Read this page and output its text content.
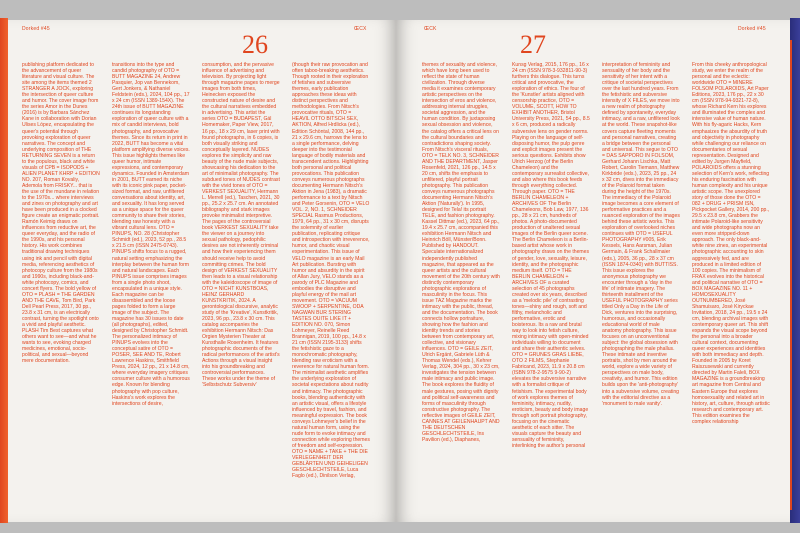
Dorked #45	ŒCX
26
publishing platform dedicated to the advancement of queer literature and visual culture. The site among the items themed 2 STRANGER A JOCK, exploring the intersection of queer culture and humor. The cover image from the series Amor in the Dunes (2016) is by Barbara Sánchez Kane in collaboration with Dorian Ulises López, encapsulating the queer's potential through provoking exploration of queer narratives. The concept and underlying composition of THE RETURNING SEVEN is a return to the populous, black and white visuals of CPB = ISOPODS + ALIEN PLANET KHRP + EDITION NO. 207, Roman Kovaliy, Ademola from FRISKY... that is the use of the mundane in relation to the 1970s... where interviews and zines on photography and art have been produced in a clocked figure create an enigmatic portrait. Ramón Keimig draws on influences from reductive art, the queer everyday, and the radio of the 1990s, and his personal history. His work combines traditional drawing techniques using ink and pencil with digital media, referencing aesthetics of photocopy culture from the 1980s and 1990s, including black-and-white photocopy, comics, and concert flyers. The bold yellow of OTO = PLASH = THE GARDEN AND THE CAVE, Tom Bird, Park Dell Pearl Press, 2017, 30 pp., 23.8 x 31 cm, is an electrically contrast, turning the spotlight onto a vivid and playful aesthetic. PLASH Tim Best captures what others want to see—and what he wants to see, evoking charged medicines, emotional, socio-political, and sexual—beyond mere documentation.
transitions into the type and candid photography of OTO = BUTT MAGAZINE 24, Andrew Pasquier, Jop van Bennekom, Gert Jonkers, & Nathaniel Feldstein (eds.), 2024, 104 pp., 17 x 24 cm (ISSN 1389-154X). The 24th issue of BUTT MAGAZINE continues its longstanding exploration of queer culture with a mix of candid interviews, bold photography, and provocative themes. Since its return in print in 2022, BUTT has become a vital platform amplifying diverse voices. This issue highlights themes like queer humor, intimate expressions, and contemporary dynamics. Founded in Amsterdam in 2001, BUTT earned its niche with its iconic pink paper, pocket-sized format, and raw, unfiltered conversations about identity, art, and sexuality. It has long served as a unique space for the queer community to share their stories, blending raw honesty with a vibrant cultural lens. OTO = PINUPS, NO. 28 (Christopher Schmidt (ed.), 2023, 52 pp., 28.5 x 21.5 cm (ISSN 2475-0743). PINUPS shifts focus to a rugged, natural setting emphasizing the interplay between the human form and natural landscapes. Each PINUPS issue comprises images from a single photo shoot, encapsulated in a unique style. Each magazine can be disassembled and the loose pages folded to form a large image of the subject. The magazine has 30 issues to date (all photographs), edited, designed by Christopher Schmidt. The personalized intimacy of PINUPS evolves into the conceptual satire of OTO = POSER, SEE AND TE, Robert Lawrence Haskins, Smithfield Press, 2024, 12 pp., 21 x 14.8 cm, where everyday imagery critiques consumer culture with a humorous edge. Known for blending photography with pop culture, Haskins's work explores the intersections of desire,
consumption, and the pervasive influence of advertising and television. By projecting light through magazine pages to merge images from both times, Heinecken exposed the constructed nature of desire and the cultural narratives embedded in advertising. This artist the series OTO = BUDAPEST, Gál Homemaker, Paper View, 2017, 16 pp., 18 x 29 cm, laser print with found photographs, in 6 copies, is both visually striking and conceptually layered. NUDES explores the simplicity and raw beauty of the nude male subjects, showcasing his dedication to the art of minimalist photography. The subdued tones of NUDES contrast with the vivid tones of OTO = VERKEST SEXUALITY, Hermann L. Merrell (ed.), Taschen, 2021, 30 pp., 25.2 x 25.7 cm. An annotated bibliography and stark images provoke minimalist interpretive. The pages of the controversial book VERKEST SEXUALITY take the viewer on a journey into sexual pathology, pedophilic desires are not inherently criminal and how their experiencing them should receive help to avoid committing crimes. The bold design of VERKEST SEXUALITY then leads to a visual relationship with the kaleidoscope of image of OTO = NICHT KUNSTBOAS, HEINZ GERHARD KUNSTKRITIK, 2024. A gerontological discursive, analytic study of the 'Kreative', Kunstkritik, 2023, 96 pp., 23.8 x 30 cm. This catalog accompanies the exhibition Hermann Nitsch: Das Orgien Mysterien Theater at Kunsthalle Rosenheim. It features photographic documents of the radical performances of the artist's Actions through a visual insight into his groundbreaking and controversial performances. These works under the theme of 'Selbstschutz Subversiv'
(though their raw provocation and often taboo-breaking aesthetics. Though rooted in their exploration of fetishes and subversive themes, early publication approaches these ideas with distinct perspectives and methodologies. From Nitsch's provocative rituals, OTO = HEAVIL OTTO BITSCH SEX, AKTION, Alfred Hrdlicka (ed.), Edition Schöntal, 2008, 144 pp., 21 x 29.6 cm, harrows the lens to a single performance, delving deeper into the testimonial language of bodily materials and transcendent actions. Highlighting both personal and political provocations. This publication conveys numerous photographs documenting Hermann Nitsch's Aktion in Jena (1983), a dramatic performance to a text by Nitsch and Peter Gorsenin, OTO = VELO VOL. 2, NO. 1, SCHNEIDER SPECIAL Rasmus Productions, 1979, 64 pp., 31 x 30 cm, disrupts the solemnity of earlier publication, replicating critique and introspection with irreverence, humor, and chaotic visual experimentation. This issue of VELO magazine is an early Mail Art publication. Bursting with humor and absurdity in the spirit of Allan Jury, VELO stands as a parody of PLC Magazine and embodies the disruptive and playful energy of the mail art movement. OTO = VACUUM SWOOP + SERPENTINE, ODA NAGWAN BUR STERING TASTES OUITE LIKE IT + EDITION NO. 070, Simon Lohmeyer, Reinelle Reed Brannigan, 2019, 100 pp., 14.8 x 21 cm (ISSN 2195-3133) shifts the fetishistic gaze to a monochromatic photography, blending raw eroticism with a reverence for natural human form. The minimalist aesthetic amplifies the underlying exploration of societal expectations about nudity and intimacy. The photographic books, blending authenticity with an artistic visual, offers a lifestyle influenced by travel, fashion, and meaningful expression. The book conveys Lohmeyer's belief in the natural human form, using the nude form to evoke intimacy and connection while exploring themes of freedom and self-expression. OTO = NAME + TAKE + THE DIE VERLEGENHEIT DER GEBLÄRTEN UND GEIHELIGEN GESCHLECHTSTEILE, Luca Faglo (ed.), Dinilson Verlag,
ŒCK	Dorked #45
27
themes of sexuality and violence, which have long been used to reflect the state of human civilization. Through diverse media it examines contemporary artistic perspectives on the intersection of eros and violence, addressing internal struggles, societal aggression, and the human condition. By juxtaposing sexual obsession and violence, the catalog offers a critical lens on the cultural boundaries and contradictions shaping society. From Nitsch's visceral rituals, OTO = TELK NO. 3, SCHNEIDER AND THE DEPARTMENT, Jasper Rosenfeld, 2021, 126 pp., 14.5 x 20 cm, shifts the emphasis to unfiltered, playful portrait photography. This publication conveys numerous photographs documenting Hermann Nitsch's Aktion ('Naturally'). In 1995, designed for Tela! its portrait TELE, and fashion photography. Kassel Dittmar (ed.), 2023, 64 pp., 19.4 x 25.7 cm, accompanied this exhibition Hermann Nitsch and Heinrich Böll, Münster/Bonn. Published by HANDOUT. Speculate internationalized independently published magazine, that appeared as the queer artists and the cultural movement of the 20th century with distinctly contemporary photographic explorations of masculinity in the focus. This issue TAZ Magazine marks the intimacy with the public, thread, and the documentation. The book connects hollow portraiture, showing how the fashion and identity trends and stories between from contemporary art, collective, and visionary influences. OTO = GEILE ZEIT, Ulrich Ergänt, Gabriele Lüth & Thomas Wendel (eds.), Kehrer Verlag, 2024, 304 pp., 30 x 23 cm, investigates the tension between male intimacy and public image. The book explores the fluidity of male gestures, posing with dignity and political self-awareness and forms of masculinity through constructive photography. The reflective images of GEILE ZEIT, CANNES AT GEILENHAUPT AND THE DEUTSCHEN GESCHLECHTSTEILE, Ins Pavilion (ed.), Diaphanes,
Kunsg Verlag, 2015, 176 pp., 16 x 24 cm (ISSN 978-3-932811-90-3) furthers this dialogue. This turns critical and provocative, the exploration of ethics. The four of the 'Kunstler' artists aligned with censorship practice, OTO = VOLUME, SCOTT, HOW TO EXHIBIT ANOTHER, Bristol University Press, 2021, 54 pp., 8.5 x 6 cm, produced a radically subversive lens on gender norms. Playing on the language of self-disposing humor, the pulp genre and explicit images present the serious questions. Exhibits show Ulrich Herzog (of the Berlin Chameleon) and the contemporary surrealist collective, and also where this book feeds through everything collected. Through paper. OTO = THE BERLIN CHAMELEON + ARCHIVES OF The Berlin Chameleons, Bob Law, 1977, 136 pp., 28 x 21 cm, hundreds of photos. A photo-documented production of unaltered sexual images of the Berlin queer scene. The Berlin Chameleon is a Berlin-based artist whose work in photography draws on the themes of gender, love, sexuality, leisure, identity, and the photographic medium itself. OTO = THE BERLIN CHAMELEON + ARCHIVES OF a curated selection of 45 photographs created over six years, described as a 'melodic pile' of contrasting tones—shiny and rough, soft and filthy, melancholic and performative, erotic and boisterous. Its a raw and brutal way to look into fetish culture, mixing intimacy with open-minded individuals willing to document and share their authentic selves. OTO = GRUNES GRAS LIEBE, OTO 2 FILMS, Stephanie Fabricand, 2023, 11.9 x 20.8 cm (ISBN 978-2-9575 9-90-2) elevates the subversive narrative with a formalist critique of fetishism. The experimental body of work explores themes of femininity, intimacy, nudity, eroticism, beauty and body image through soft portrait photography, focusing on the cinematic aesthetic of each sitter. The visuals capture the beauty and sensuality of femininity, interlinking the author's personal
interpretation of femininity and sensuality of her body and the sensitivity of her intent with a critique of societal perspectives over the last hundred years. From the fetishistic and subversive intensity of X FILES, we move into a new realm of photography defined by spontaneity, everyday intimacy, and a raw, unfiltered look at the world. These snapshot-like covers capture fleeting moments and personal narratives, creating a bridge between the personal and universal. This segue to OTO = DAS SAPPORO IN FOLSOM, Gerhard Johann Lischka, Matt Robert, Carolin Tiemann, Matthew Kirkbride (eds.), 2023, 25 pp., 24 x 32 cm, dives into the immediacy of the Polaroid format taken during the height of the 1970s. The immediacy of the Polaroid image becomes a core element of performative practices and a nuanced exploration of the images behind these artistic works. This exploration of overlooked niches continues with OTO = USEFUL PHOTOGRAPHY #005, Erik Kessels, Hans Aarsman, Julian Germain, & Frank Schallmaier (eds.), 2005, 36 pp., 28 x 37 cm (ISSN 1874-0340) with BUTTISS. This issue explores the anonymous photography we encounter through a 'day in the life' of intimate imagery. The thirteenth installment of the USEFUL PHOTOGRAPHY series titled Only a Day in the Life of Dick, ventures into the surprising, humorous, and occasionally educational world of male anatomy photography. This issue focuses on an unconventional subject: the global obsession with photographing the male phallus. These intimate and inventive portraits, shot by men around the world, explore a wide variety of perspectives on male body, creativity, and humor. This edition builds upon the 'anti-photography' into a subversive volume, creating with the editorial directive as a 'monument to male vanity'.
From this cheeky anthropological study, we enter the realm of the personal and the eclectic: worldwide OTO = MINERE FOLSOM POLAROIDS, Art Paper Editions, 2023, 176 pp., 22 x 30 cm (ISSN 978-94-9321-72-8), whose Richard Kern his explores and illuminated the complex and intensive value of human nature. With his fly-agaric Hacks, Kern emphasizes the absurdity of truth and objectivity in photography while challenging our reliance on documentaries of sexual representation. Designed and edited by Jurgen Mayfield, POLAROIDS offers a stunning selection of Kern's work, reflecting his enduring fascination with human complexity and his unique artistic scope. The unexplored story of those done the OTO = 082 + DRUG + PRISM ISN, Pickpocket Gallery, 2014, 200 pp., 29.5 x 23.8 cm, Grabbers the intimate Polaroid-like sensitivity and wide photographs now an even more stripped-down approach. The only black-and-white nine zines, an experimental photographic accounting to skin aggressively fed, and are produced in a limited edition of 100 copies. The minimalism of FRAX evolves into the historical and political narrative of OTO = BOX MAGAZINE NO. 11 + HOMOSEXUALITY OUTNUMBERED, José Shamuisaro, José Kiryckae Invitation, 2018, 24 pp., 19.5 x 24 cm, blending archival images with contemporary queer art. This shift expands the visual scope beyond the personal into a broader cultural context, documenting queer experiences and identities with both immediacy and depth. Founded in 2005 by Koret Raiszusewski and currently directed by Martin Faleli, BOX MAGAZINE is a groundbreaking art magazine from Central and Eastern Europe that explores homosexuality and related art in history, art, culture, through artistic research and contemporary art. This edition examines the complex relationship
